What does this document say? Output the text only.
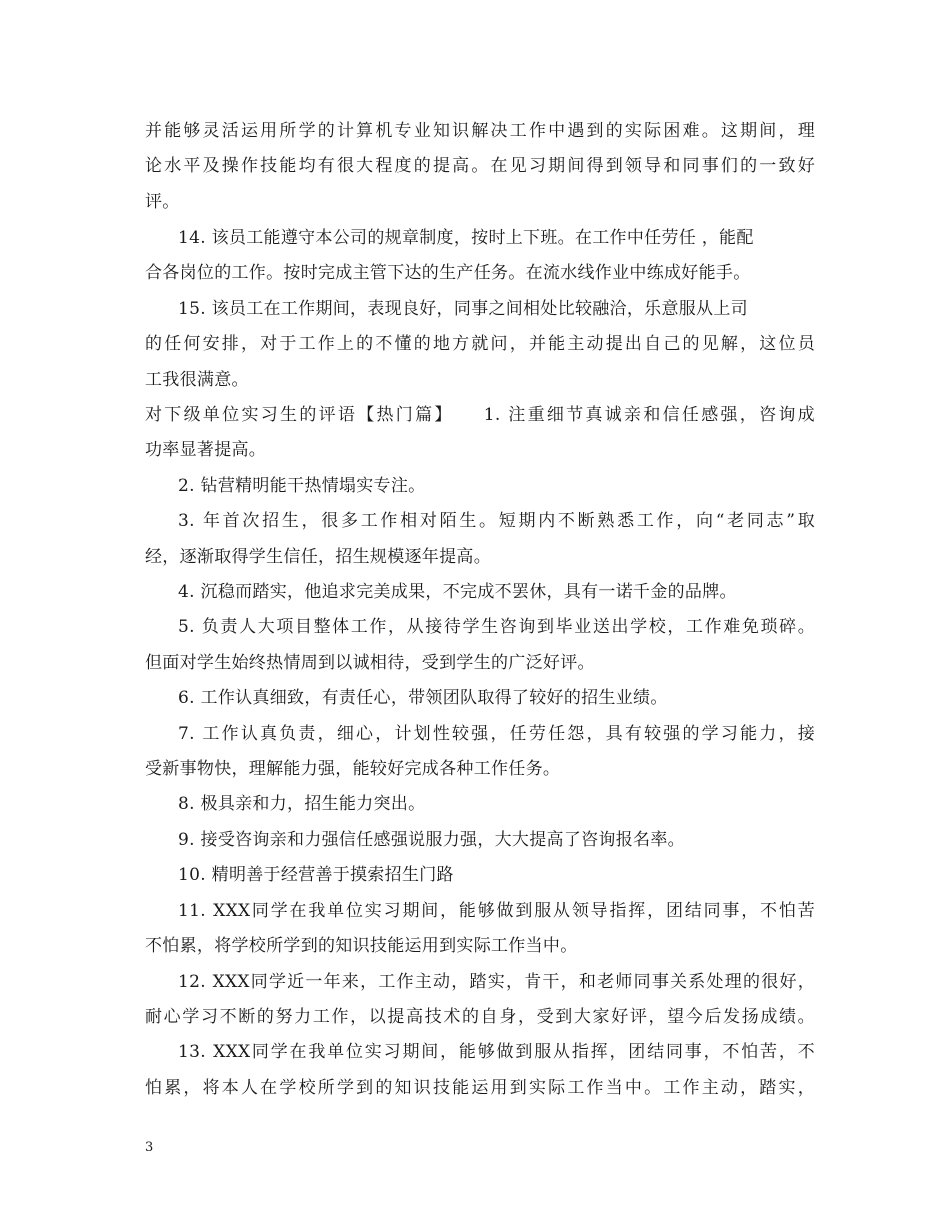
并能够灵活运用所学的计算机专业知识解决工作中遇到的实际困难。这期间，理
论水平及操作技能均有很大程度的提高。在见习期间得到领导和同事们的一致好
评。
14. 该员工能遵守本公司的规章制度，按时上下班。在工作中任劳任 ，能配
合各岗位的工作。按时完成主管下达的生产任务。在流水线作业中练成好能手。
15. 该员工在工作期间，表现良好，同事之间相处比较融洽，乐意服从上司
的任何安排，对于工作上的不懂的地方就问，并能主动提出自己的见解，这位员
工我很满意。
对下级单位实习生的评语【热门篇】　　1. 注重细节真诚亲和信任感强，咨询成
功率显著提高。
2. 钻营精明能干热情塌实专注。
3. 年首次招生，很多工作相对陌生。短期内不断熟悉工作，向“老同志”取
经，逐渐取得学生信任，招生规模逐年提高。
4. 沉稳而踏实，他追求完美成果，不完成不罢休，具有一诺千金的品牌。
5. 负责人大项目整体工作，从接待学生咨询到毕业送出学校，工作难免琐碎。
但面对学生始终热情周到以诚相待，受到学生的广泛好评。
6. 工作认真细致，有责任心，带领团队取得了较好的招生业绩。
7. 工作认真负责，细心，计划性较强，任劳任怨，具有较强的学习能力，接
受新事物快，理解能力强，能较好完成各种工作任务。
8. 极具亲和力，招生能力突出。
9. 接受咨询亲和力强信任感强说服力强，大大提高了咨询报名率。
10. 精明善于经营善于摸索招生门路
11. XXX同学在我单位实习期间，能够做到服从领导指挥，团结同事，不怕苦
不怕累，将学校所学到的知识技能运用到实际工作当中。
12. XXX同学近一年来，工作主动，踏实，肯干，和老师同事关系处理的很好，
耐心学习不断的努力工作，以提高技术的自身，受到大家好评，望今后发扬成绩。
13. XXX同学在我单位实习期间，能够做到服从指挥，团结同事，不怕苦，不
怕累，将本人在学校所学到的知识技能运用到实际工作当中。工作主动，踏实，
3
